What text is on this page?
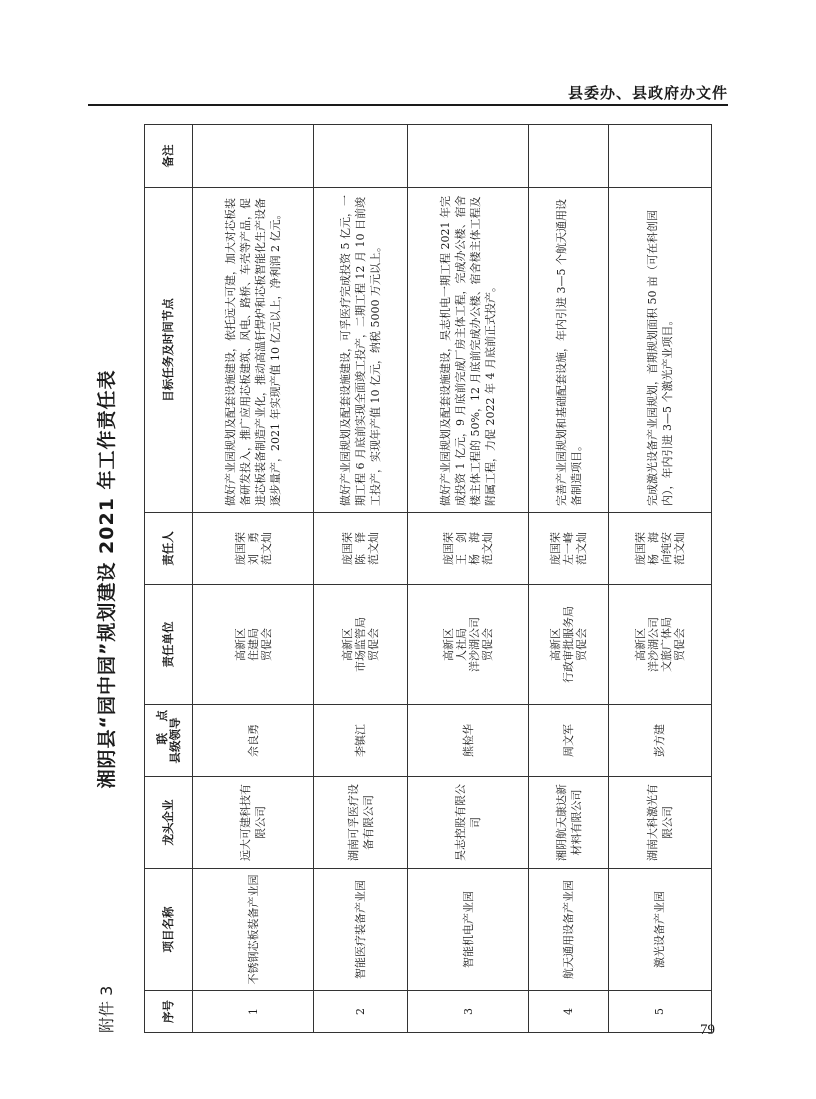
县委办、县政府办文件
附件 3
湘阴县“园中园”规划建设 2021 年工作责任表
序号	项目名称	龙头企业	联　点 县级领导	责任单位	责任人	目标任务及时间节点	备注
1	不锈钢芯板装备产业园	远大可建科技有限公司	佘良勇	高新区 住建局 贸促会	庞国荣 刘　勇 范文灿	做好产业园规划及配套设施建设，依托远大可建，加大对芯板装备研发投入，推广应用芯板建筑、风电、路桥、车壳等产品，促进芯板装备制造产业化，推动高温钎焊炉和芯板智能化生产设备逐步量产，2021 年实现产值 10 亿元以上，净利润 2 亿元。	
2	智能医疗装备产业园	湖南可孚医疗设备有限公司	李镇江	高新区 市场监管局 贸促会	庞国荣 陈　铎 范文灿	做好产业园规划及配套设施建设，可孚医疗完成投资 5 亿元，一期工程 6 月底前实现全面竣工投产，二期工程 12 月 10 日前竣工投产，实现年产值 10 亿元，纳税 5000 万元以上。	
3	智能机电产业园	昊志控股有限公司	熊检华	高新区 人社局 洋沙湖公司 贸促会	庞国荣 王　剑 杨　海 范文灿	做好产业园规划及配套设施建设，昊志机电一期工程 2021 年完成投资 1 亿元，9 月底前完成厂房主体工程，完成办公楼、宿舍楼主体工程的 50%，12 月底前完成办公楼、宿舍楼主体工程及附属工程，力促 2022 年 4 月底前正式投产。	
4	航天通用设备产业园	湘阴航天康达新材料有限公司	周文军	高新区 行政审批服务局 贸促会	庞国荣 左一峰 范文灿	完善产业园规划和基础配套设施，年内引进 3—5 个航天通用设备制造项目。	
5	激光设备产业园	湖南大科激光有限公司	彭方建	高新区 洋沙湖公司 文旅广体局 贸促会	庞国荣 杨　海 向纯安 范文灿	完成激光设备产业园规划，首期规划面积 50 亩（可在科创园内），年内引进 3—5 个激光产业项目。	
79
